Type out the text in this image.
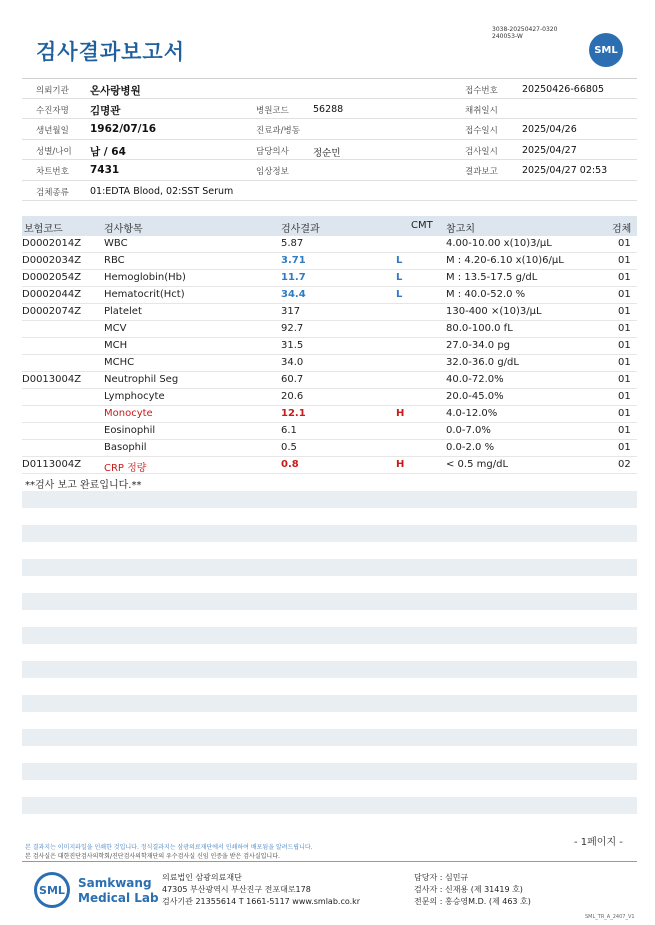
검사결과보고서
3038-20250427-0320
240053-W
SML
의뢰기관 온사랑병원	접수번호	20250426-66805
수진자명 김명관	병원코드	56288	채취일시
생년월일 1962/07/16	진료과/병동	접수일시	2025/04/26
성별/나이 남 / 64	담당의사	정순민	검사일시	2025/04/27
차트번호 7431	임상정보	결과보고	2025/04/27 02:53
검체종류 01:EDTA Blood, 02:SST Serum
보험코드	검사항목	검사결과	CMT 참고치	검체
D0002014Z WBC	5.87	4.00-10.00 x(10)3/μL	01
D0002034Z RBC	3.71	L	M : 4.20-6.10 x(10)6/μL	01
D0002054Z Hemoglobin(Hb)	11.7	L	M : 13.5-17.5 g/dL	01
D0002044Z Hematocrit(Hct)	34.4	L	M : 40.0-52.0 %	01
D0002074Z Platelet	317	130-400 ×(10)3/μL	01
MCV	92.7	80.0-100.0 fL	01
MCH	31.5	27.0-34.0 pg	01
MCHC	34.0	32.0-36.0 g/dL	01
D0013004Z Neutrophil Seg	60.7	40.0-72.0%	01
Lymphocyte	20.6	20.0-45.0%	01
Monocyte	12.1	H	4.0-12.0%	01
Eosinophil	6.1	0.0-7.0%	01
Basophil	0.5	0.0-2.0 %	01
D0113004Z CRP 정량	0.8	H	< 0.5 mg/dL	02
**검사 보고 완료입니다.**
- 1페이지 -
본 결과지는 이미지파일을 인쇄한 것입니다. 정식결과지는 삼광의료재단에서 인쇄하여 배포됨을 알려드립니다.
본 검사실은 대한진단검사의학회/진단검사의학재단의 우수검사실 신임 인증을 받은 검사실입니다.
SML	Samkwang
Medical Lab
의료법인 삼광의료재단
47305 부산광역시 부산진구 전포대로178
검사기관 21355614 T 1661-5117 www.smlab.co.kr
담당자 : 심민규
검사자 : 신재용 (제 31419 호)
전문의 : 홍승영M.D. (제 463 호)
SML_TR_A_2407_V1
